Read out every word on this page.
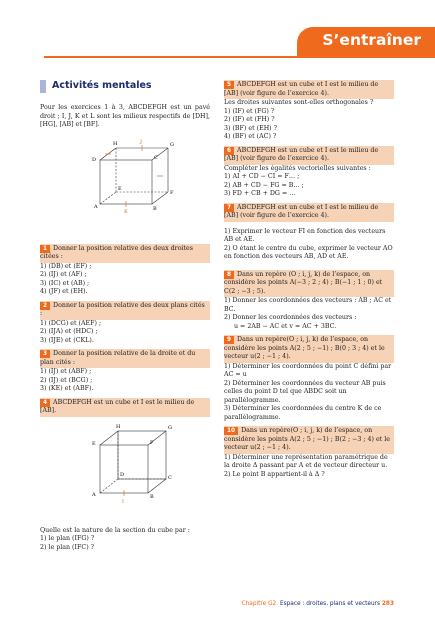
S’entraîner
Activités mentales
Pour les exercices 1 à 3, ABCDEFGH est un pavé droit ; I, J, K et L sont les milieux respectifs de [DH], [HG], [AB] et [BF].
H	J	G
D	C
E
F
A
K	B
1 Donner la position relative des deux droites citées :
1) (DB) et (EF) ;
2) (IJ) et (AF) ;
3) (IC) et (AB) ;
4) (JF) et (EH).
2 Donner la position relative des deux plans cités :
1) (DCG) et (AEF) ;
2) (IJA) et (HDC) ;
3) (IJE) et (CKL).
3 Donner la position relative de la droite et du plan cités :
1) (IJ) et (ABF) ;
2) (IJ) et (BCG) ;
3) (KE) et (ABF).
4 ABCDEFGH est un cube et I est le milieu de [AB].
H	G
E	F
D	C
A
I
B
Quelle est la nature de la section du cube par :
1) le plan (IFG) ?
2) le plan (IFC) ?
5 ABCDEFGH est un cube et I est le milieu de [AB] (voir figure de l’exercice 4).
Les droites suivantes sont-elles orthogonales ?
1) (IF) et (FG) ?
2) (IF) et (FH) ?
3) (BF) et (EH) ?
4) (BF) et (AC) ?
6 ABCDEFGH est un cube et I est le milieu de [AB] (voir figure de l’exercice 4).
Compléter les égalités vectorielles suivantes :
1) AI + CD − CI = F… ;
2) AB + CD − FG = B… ;
3) FD + CB + DG = …
7 ABCDEFGH est un cube et I est le milieu de [AB] (voir figure de l’exercice 4).
1) Exprimer le vecteur FI en fonction des vecteurs AB et AE.
2) O étant le centre du cube, exprimer le vecteur AO en fonction des vecteurs AB, AD et AE.
8 Dans un repère (O ; i, j, k) de l’espace, on considère les points A(−3 ; 2 ; 4) ; B(−1 ; 1 ; 0) et C(2 ; −3 ; 5).
1) Donner les coordonnées des vecteurs : AB ; AC et BC.
2) Donner les coordonnées des vecteurs :
u = 2AB − AC et v = AC + 3BC.
9 Dans un repère(O ; i, j, k) de l’espace, on considère les points A(2 ; 5 ; −1) ; B(0 ; 3 ; 4) et le vecteur u(2 ; −1 ; 4).
1) Déterminer les coordonnées du point C défini par AC = u
2) Déterminer les coordonnées du vecteur AB puis celles du point D tel que ABDC soit un parallélogramme.
3) Déterminer les coordonnées du centre K de ce parallélogramme.
10 Dans un repère(O ; i, j, k) de l’espace, on considère les points A(2 ; 5 ; −1) ; B(2 ; −3 ; 4) et le vecteur u(2 ; −1 ; 4).
1) Déterminer une représentation paramétrique de la droite Δ passant par A et de vecteur directeur u.
2) Le point B appartient-il à Δ ?
Chapitre G2. Espace : droites, plans et vecteurs 283
